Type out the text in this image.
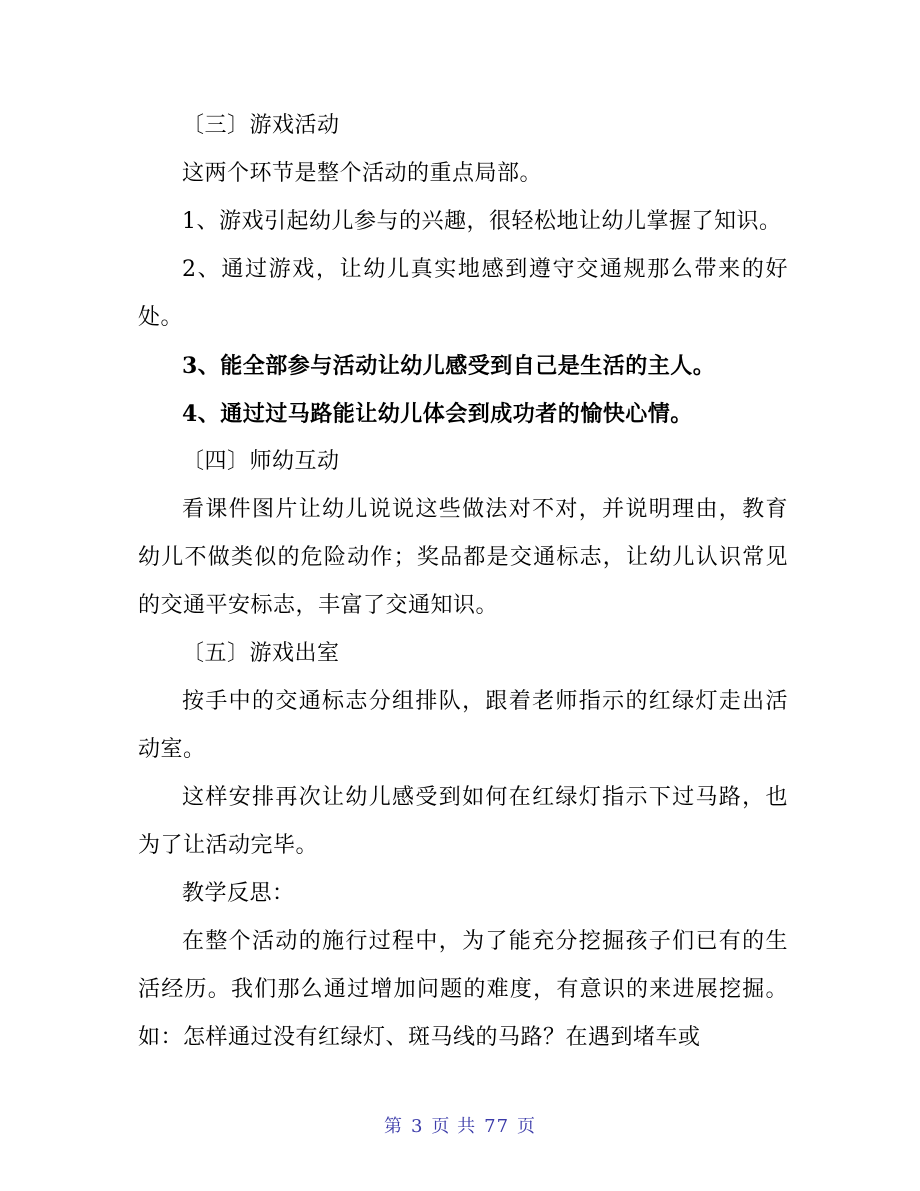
〔三〕游戏活动

这两个环节是整个活动的重点局部。

1、游戏引起幼儿参与的兴趣，很轻松地让幼儿掌握了知识。

2、通过游戏，让幼儿真实地感到遵守交通规那么带来的好处。

3、能全部参与活动让幼儿感受到自己是生活的主人。

4、通过过马路能让幼儿体会到成功者的愉快心情。

〔四〕师幼互动

看课件图片让幼儿说说这些做法对不对，并说明理由，教育幼儿不做类似的危险动作；奖品都是交通标志，让幼儿认识常见的交通平安标志，丰富了交通知识。

〔五〕游戏出室

按手中的交通标志分组排队，跟着老师指示的红绿灯走出活动室。

这样安排再次让幼儿感受到如何在红绿灯指示下过马路，也为了让活动完毕。

教学反思：

在整个活动的施行过程中，为了能充分挖掘孩子们已有的生活经历。我们那么通过增加问题的难度，有意识的来进展挖掘。如：怎样通过没有红绿灯、斑马线的马路？在遇到堵车或

第 3 页 共 77 页
